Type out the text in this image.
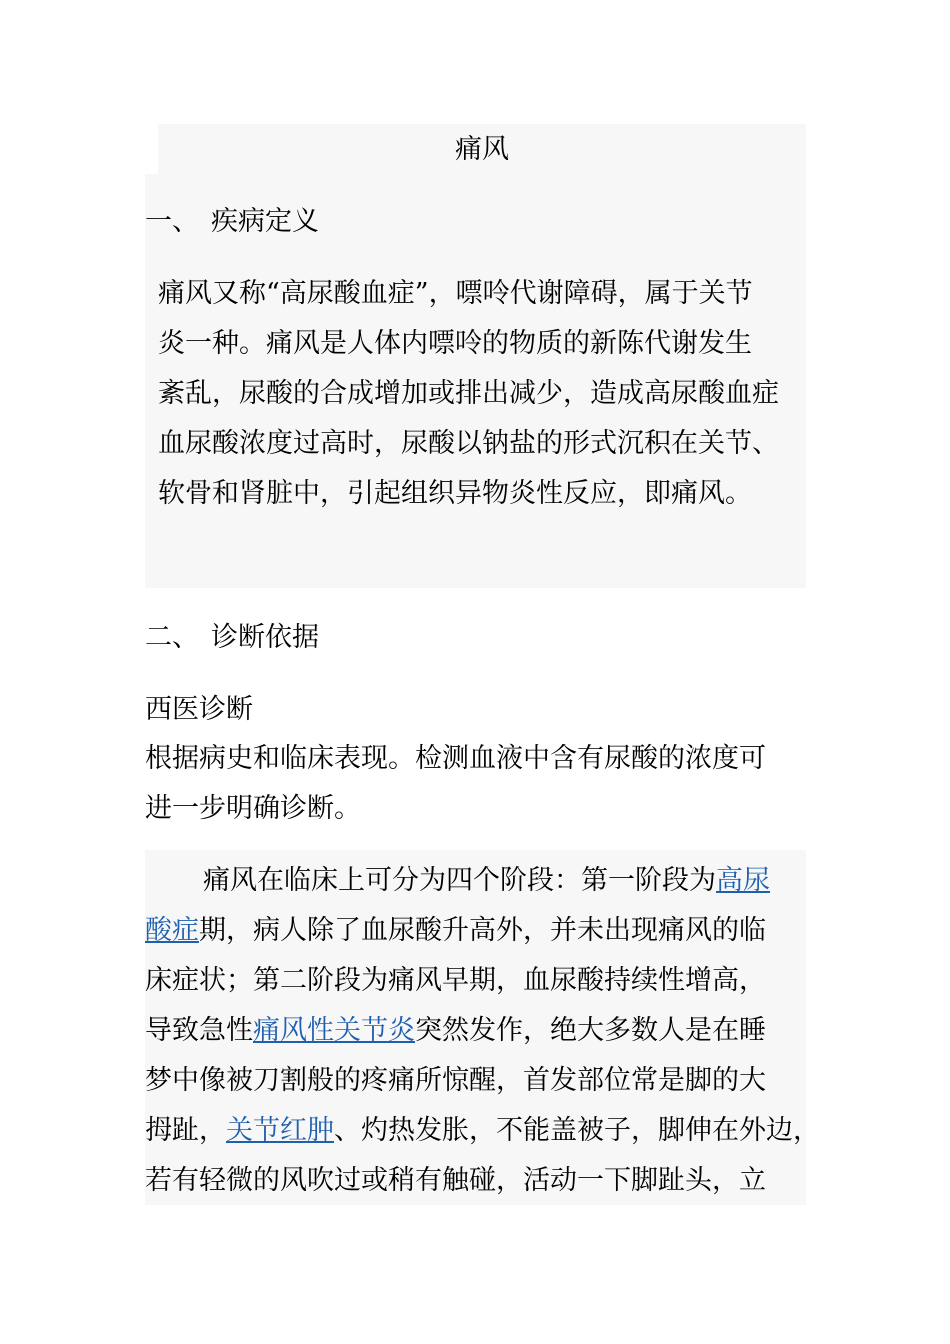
痛风
一、 疾病定义
痛风又称“高尿酸血症”，嘌呤代谢障碍，属于关节
炎一种。痛风是人体内嘌呤的物质的新陈代谢发生
紊乱，尿酸的合成增加或排出减少，造成高尿酸血症
血尿酸浓度过高时，尿酸以钠盐的形式沉积在关节、
软骨和肾脏中，引起组织异物炎性反应，即痛风。
二、 诊断依据
西医诊断
根据病史和临床表现。检测血液中含有尿酸的浓度可
进一步明确诊断。
痛风在临床上可分为四个阶段：第一阶段为高尿
酸症期，病人除了血尿酸升高外，并未出现痛风的临
床症状；第二阶段为痛风早期，血尿酸持续性增高，
导致急性痛风性关节炎突然发作，绝大多数人是在睡
梦中像被刀割般的疼痛所惊醒，首发部位常是脚的大
拇趾，关节红肿、灼热发胀，不能盖被子，脚伸在外边，
若有轻微的风吹过或稍有触碰，活动一下脚趾头，立
